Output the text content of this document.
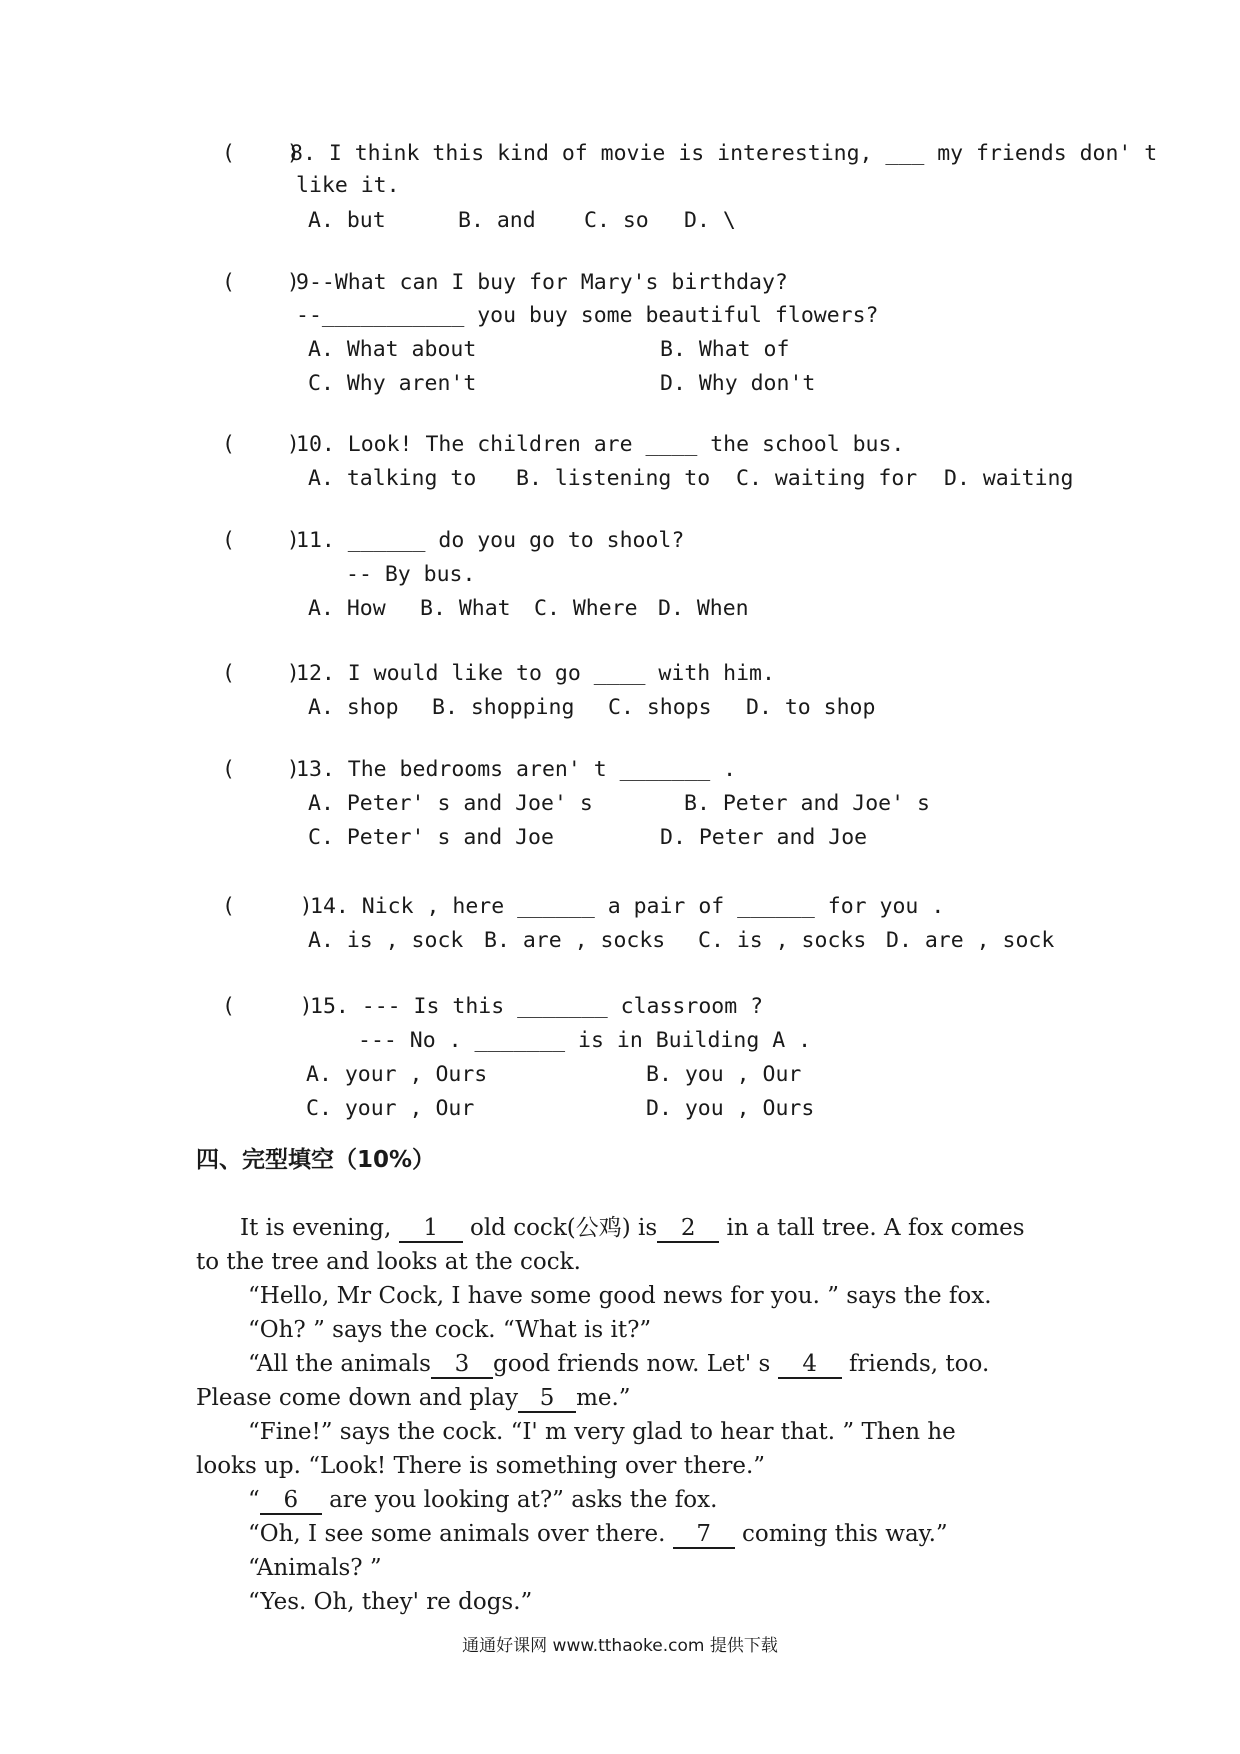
(    )
8. I think this kind of movie is interesting, ___ my friends don' t
like it.
A. but	B. and C. so D. \
(    )
9--What can I buy for Mary's birthday?
--___________ you buy some beautiful flowers?
A. What about	B. What of
C. Why aren't	D. Why don't
(    )
10. Look! The children are ____ the school bus.
A. talking to B. listening to C. waiting for D. waiting
(    )
11. ______ do you go to shool?
-- By bus.
A. How B. What C. Where D. When
(    )
12. I would like to go ____ with him.
A. shop B. shopping C. shops D. to shop
(    )
13. The bedrooms aren' t _______ .
A. Peter' s and Joe' s	B. Peter and Joe' s
C. Peter' s and Joe	D. Peter and Joe
(     )
14. Nick , here ______ a pair of ______ for you .
A. is , sock B. are , socks C. is , socks D. are , sock
(     )
15. --- Is this _______ classroom ?
--- No . _______ is in Building A .
A. your , Ours	B. you , Our
C. your , Our	D. you , Ours
四、完型填空（10%）
It is evening, 1 old cock(公鸡) is 2 in a tall tree. A fox comes
to the tree and looks at the cock.
“Hello, Mr Cock, I have some good news for you. ” says the fox.
“Oh? ” says the cock. “What is it?”
“All the animals 3 good friends now. Let' s 4 friends, too.
Please come down and play 5 me.”
“Fine!” says the cock. “I' m very glad to hear that. ” Then he
looks up. “Look! There is something over there.”
“ 6 are you looking at?” asks the fox.
“Oh, I see some animals over there. 7 coming this way.”
“Animals? ”
“Yes. Oh, they' re dogs.”
通通好课网 www.tthaoke.com 提供下载
